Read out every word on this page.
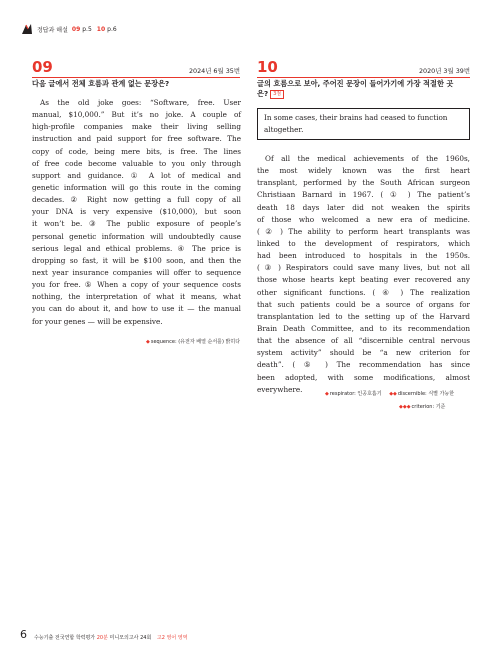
정답과 해설 09 p.5 10 p.6
09	2024년 6월 35번
다음 글에서 전체 흐름과 관계 없는 문장은?
As the old joke goes: “Software, free. User
manual, $10,000.” But it’s no joke. A couple of
high-profile companies make their living selling
instruction and paid support for free software. The
copy of code, being mere bits, is free. The lines
of free code become valuable to you only through
support and guidance. ① A lot of medical and
genetic information will go this route in the coming
decades. ② Right now getting a full copy of all
your DNA is very expensive ($10,000), but soon
it won’t be. ③ The public exposure of people’s
personal genetic information will undoubtedly cause
serious legal and ethical problems. ④ The price is
dropping so fast, it will be $100 soon, and then the
next year insurance companies will offer to sequence
you for free. ⑤ When a copy of your sequence costs
nothing, the interpretation of what it means, what
you can do about it, and how to use it — the manual
for your genes — will be expensive.
◆sequence: (유전자 배열 순서를) 밝히다
10	2020년 3월 39번
글의 흐름으로 보아, 주어진 문장이 들어가기에 가장 적절한 곳
은? 3점
In some cases, their brains had ceased to function
altogether.
Of all the medical achievements of the 1960s,
the most widely known was the first heart
transplant, performed by the South African surgeon
Christiaan Barnard in 1967. ( ① ) The patient’s
death 18 days later did not weaken the spirits
of those who welcomed a new era of medicine.
( ② ) The ability to perform heart transplants was
linked to the development of respirators, which
had been introduced to hospitals in the 1950s.
( ③ ) Respirators could save many lives, but not all
those whose hearts kept beating ever recovered any
other significant functions. ( ④ ) The realization
that such patients could be a source of organs for
transplantation led to the setting up of the Harvard
Brain Death Committee, and to its recommendation
that the absence of all “discernible central nervous
system activity” should be “a new criterion for
death”. ( ⑤ ) The recommendation has since
been adopted, with some modifications, almost
everywhere.
◆respirator: 인공호흡기 ◆◆discernible: 식별 가능한
◆◆◆criterion: 기준
6 수능기출 전국연합 학력평가 20분 미니모의고사 24회 고2 영어 영역
